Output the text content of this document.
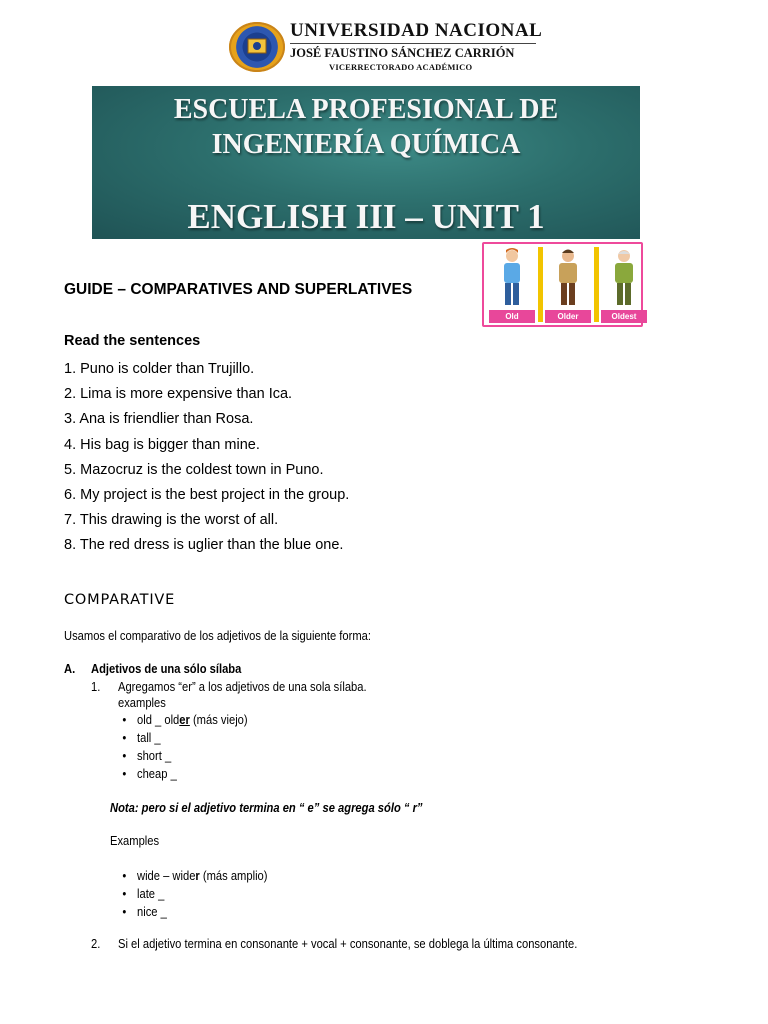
UNIVERSIDAD NACIONAL
JOSÉ FAUSTINO SÁNCHEZ CARRIÓN
VICERRECTORADO ACADÉMICO
ESCUELA PROFESIONAL DE
INGENIERÍA QUÍMICA
ENGLISH III – UNIT 1
Old	Older	Oldest
GUIDE – COMPARATIVES AND SUPERLATIVES
Read the sentences
1. Puno is colder than Trujillo.
2. Lima is more expensive than Ica.
3. Ana is friendlier than Rosa.
4. His bag is bigger than mine.
5. Mazocruz is the coldest town in Puno.
6. My project is the best project in the group.
7. This drawing is the worst of all.
8. The red dress is uglier than the blue one.
COMPARATIVE
Usamos el comparativo de los adjetivos de la siguiente forma:
A. Adjetivos de una sólo sílaba
1. Agregamos “er” a los adjetivos de una sola sílaba.
examples
• old _ older (más viejo)
• tall _
• short _
• cheap _
Nota: pero si el adjetivo termina en “ e” se agrega sólo “ r”
Examples
• wide – wider (más amplio)
• late _
• nice _
2. Si el adjetivo termina en consonante + vocal + consonante, se doblega la última consonante.
